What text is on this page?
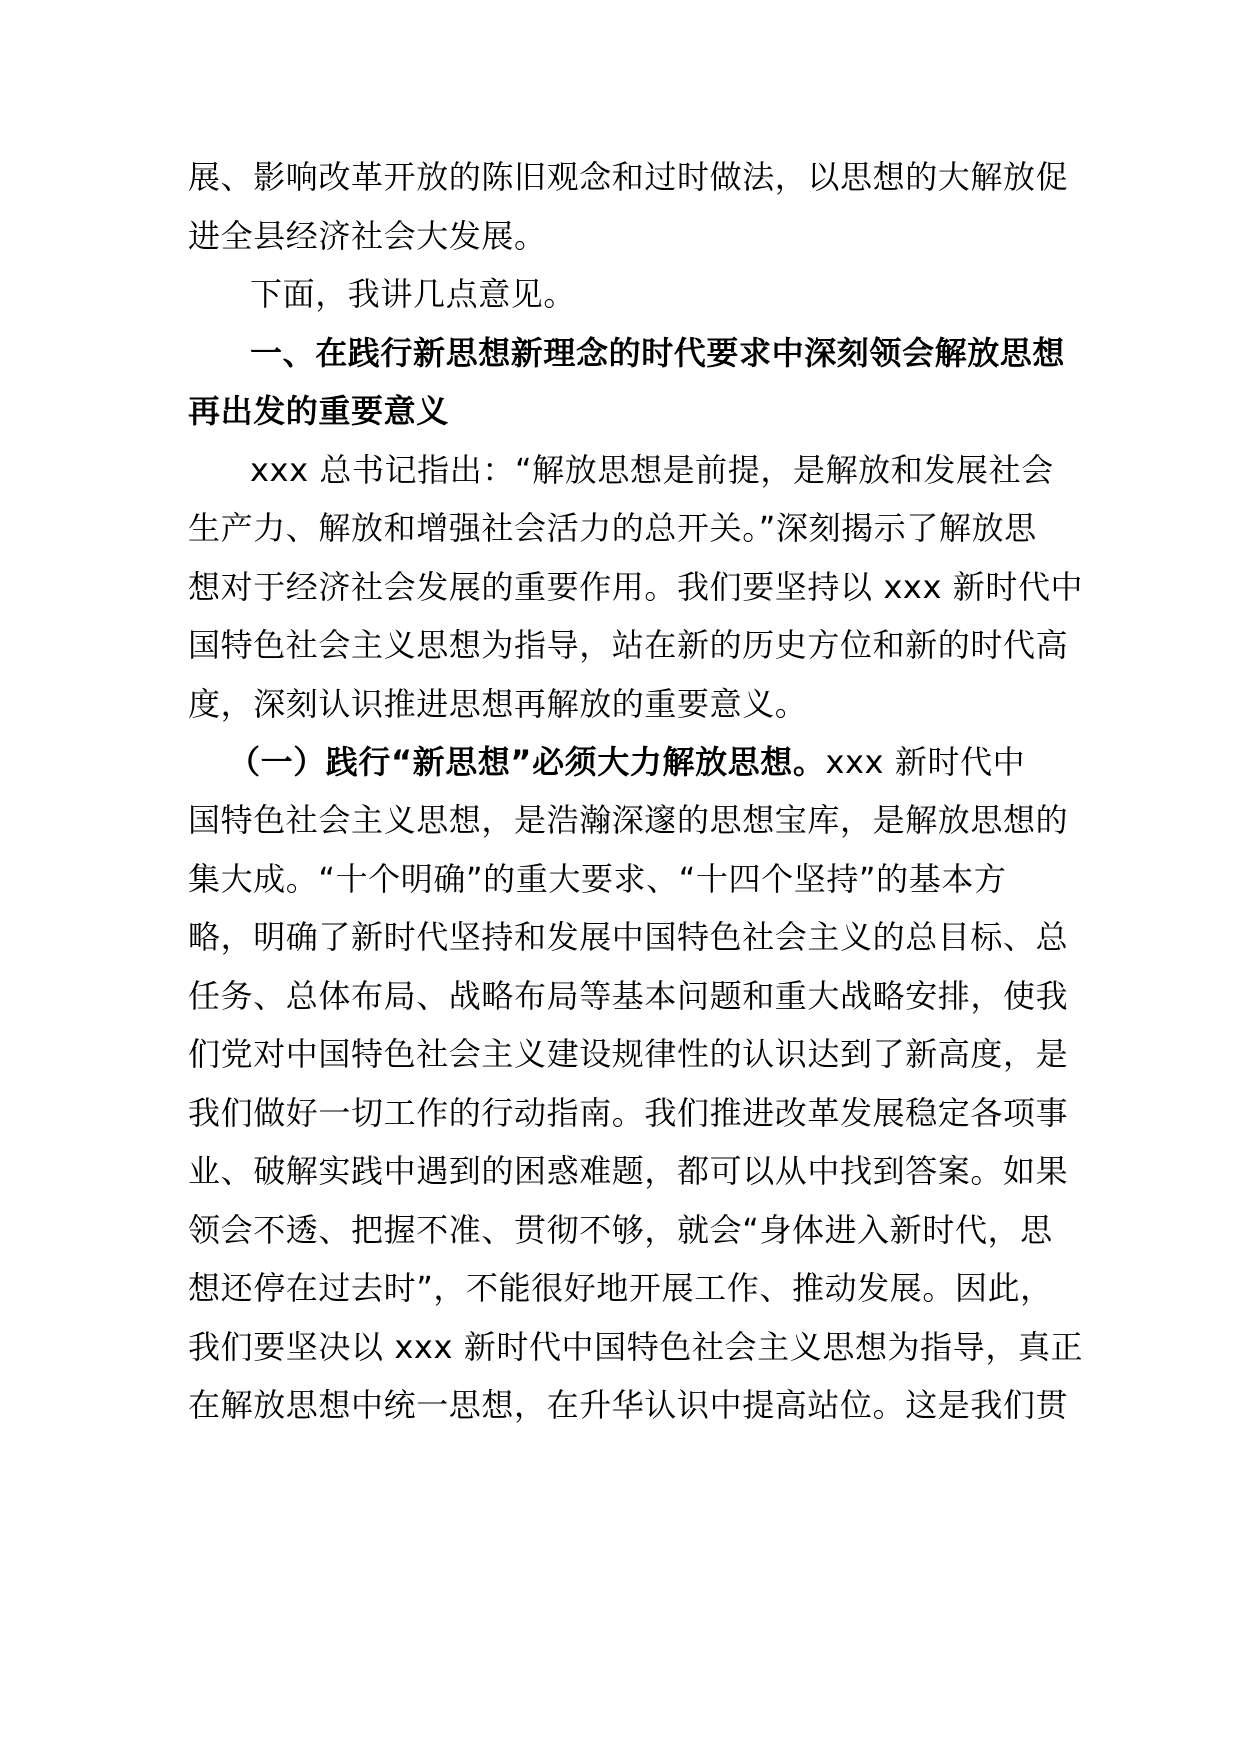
展、影响改革开放的陈旧观念和过时做法，以思想的大解放促
进全县经济社会大发展。
下面，我讲几点意见。
一、在践行新思想新理念的时代要求中深刻领会解放思想
再出发的重要意义
xxx 总书记指出：“解放思想是前提，是解放和发展社会
生产力、解放和增强社会活力的总开关。”深刻揭示了解放思
想对于经济社会发展的重要作用。我们要坚持以 xxx 新时代中
国特色社会主义思想为指导，站在新的历史方位和新的时代高
度，深刻认识推进思想再解放的重要意义。
（一）践行“新思想”必须大力解放思想。xxx 新时代中
国特色社会主义思想，是浩瀚深邃的思想宝库，是解放思想的
集大成。“十个明确”的重大要求、“十四个坚持”的基本方
略，明确了新时代坚持和发展中国特色社会主义的总目标、总
任务、总体布局、战略布局等基本问题和重大战略安排，使我
们党对中国特色社会主义建设规律性的认识达到了新高度，是
我们做好一切工作的行动指南。我们推进改革发展稳定各项事
业、破解实践中遇到的困惑难题，都可以从中找到答案。如果
领会不透、把握不准、贯彻不够，就会“身体进入新时代，思
想还停在过去时”，不能很好地开展工作、推动发展。因此，
我们要坚决以 xxx 新时代中国特色社会主义思想为指导，真正
在解放思想中统一思想，在升华认识中提高站位。这是我们贯
